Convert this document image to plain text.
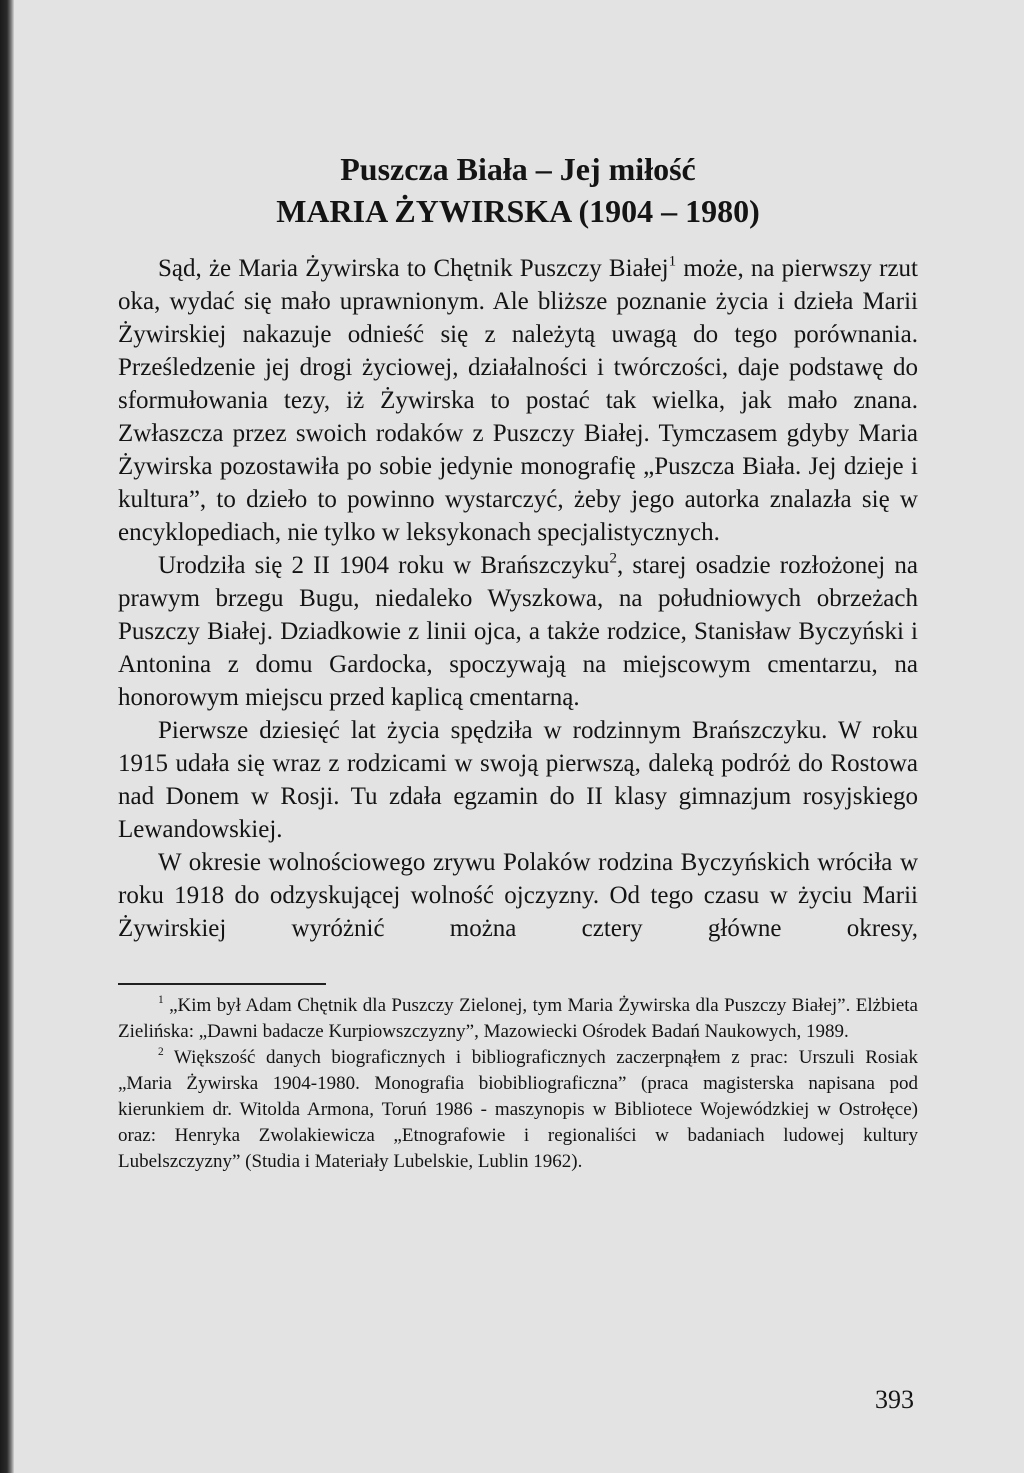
Puszcza Biała – Jej miłość
MARIA ŻYWIRSKA (1904 – 1980)

Sąd, że Maria Żywirska to Chętnik Puszczy Białej$^1$ może, na pierwszy rzut oka, wydać się mało uprawnionym. Ale bliższe poznanie życia i dzieła Marii Żywirskiej nakazuje odnieść się z należytą uwagą do tego porównania. Prześledzenie jej drogi życiowej, działalności i twórczości, daje podstawę do sformułowania tezy, iż Żywirska to postać tak wielka, jak mało znana. Zwłaszcza przez swoich rodaków z Puszczy Białej. Tymczasem gdyby Maria Żywirska pozostawiła po sobie jedynie monografię „Puszcza Biała. Jej dzieje i kultura”, to dzieło to powinno wystarczyć, żeby jego autorka znalazła się w encyklopediach, nie tylko w leksykonach specjalistycznych.

Urodziła się 2 II 1904 roku w Brańszczyku$^2$, starej osadzie rozłożonej na prawym brzegu Bugu, niedaleko Wyszkowa, na południowych obrzeżach Puszczy Białej. Dziadkowie z linii ojca, a także rodzice, Stanisław Byczyński i Antonina z domu Gardocka, spoczywają na miejscowym cmentarzu, na honorowym miejscu przed kaplicą cmentarną.

Pierwsze dziesięć lat życia spędziła w rodzinnym Brańszczyku. W roku 1915 udała się wraz z rodzicami w swoją pierwszą, daleką podróż do Rostowa nad Donem w Rosji. Tu zdała egzamin do II klasy gimnazjum rosyjskiego Lewandowskiej.

W okresie wolnościowego zrywu Polaków rodzina Byczyńskich wróciła w roku 1918 do odzyskującej wolność ojczyzny. Od tego czasu w życiu Marii Żywirskiej wyróżnić można cztery główne okresy,

$^1$ „Kim był Adam Chętnik dla Puszczy Zielonej, tym Maria Żywirska dla Puszczy Białej”. Elżbieta Zielińska: „Dawni badacze Kurpiowszczyzny”, Mazowiecki Ośrodek Badań Naukowych, 1989.

$^2$ Większość danych biograficznych i bibliograficznych zaczerpnąłem z prac: Urszuli Rosiak „Maria Żywirska 1904-1980. Monografia biobibliograficzna” (praca magisterska napisana pod kierunkiem dr. Witolda Armona, Toruń 1986 - maszynopis w Bibliotece Wojewódzkiej w Ostrołęce) oraz: Henryka Zwolakiewicza „Etnografowie i regionaliści w badaniach ludowej kultury Lubelszczyzny” (Studia i Materiały Lubelskie, Lublin 1962).

393
